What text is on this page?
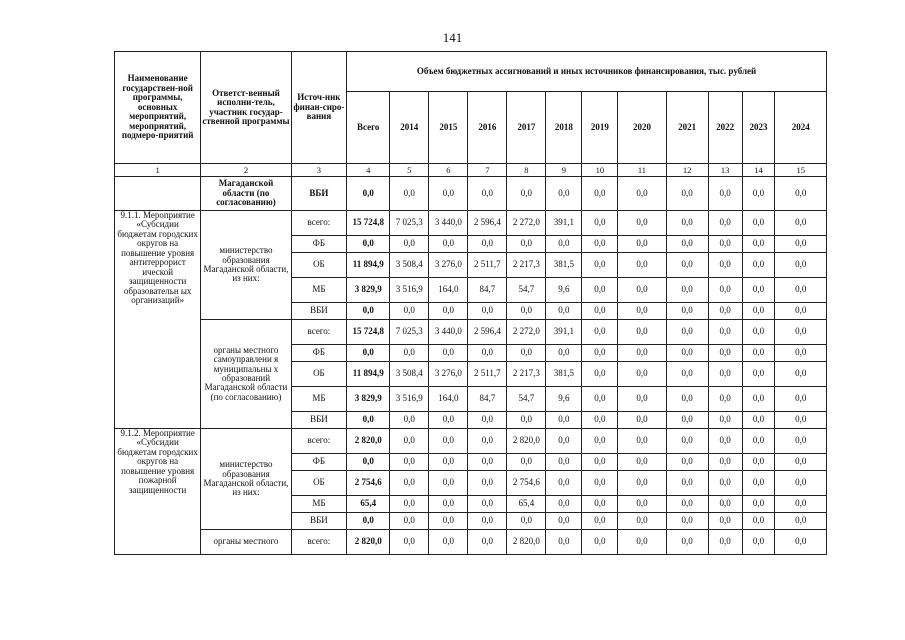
141
Наименование государствен-ной программы, основных мероприятий, мероприятий, подмеро-приятий	Ответст-венный исполни-тель, участник государ-ственной программы	Источ-ник финан-сиро-вания	Объем бюджетных ассигнований и иных источников финансирования, тыс. рублей											
			Всего	2014	2015	2016	2017	2018	2019	2020	2021	2022	2023	2024
1	2	3	4	5	6	7	8	9	10	11	12	13	14	15
	Магаданской области (по согласованию)	ВБИ	0,0	0,0	0,0	0,0	0,0	0,0	0,0	0,0	0,0	0,0	0,0	0,0
9.1.1. Мероприятие «Субсидии бюджетам городских округов на повышение уровня антитеррорист ической защищенности образовательн ых организаций»	министерство образования Магаданской области, из них:	всего:	15 724,8	7 025,3	3 440,0	2 596,4	2 272,0	391,1	0,0	0,0	0,0	0,0	0,0	0,0
		ФБ	0,0	0,0	0,0	0,0	0,0	0,0	0,0	0,0	0,0	0,0	0,0	0,0
		ОБ	11 894,9	3 508,4	3 276,0	2 511,7	2 217,3	381,5	0,0	0,0	0,0	0,0	0,0	0,0
		МБ	3 829,9	3 516,9	164,0	84,7	54,7	9,6	0,0	0,0	0,0	0,0	0,0	0,0
		ВБИ	0,0	0,0	0,0	0,0	0,0	0,0	0,0	0,0	0,0	0,0	0,0	0,0
	органы местного самоуправлени я муниципальны х образований Магаданской области (по согласованию)	всего:	15 724,8	7 025,3	3 440,0	2 596,4	2 272,0	391,1	0,0	0,0	0,0	0,0	0,0	0,0
		ФБ	0,0	0,0	0,0	0,0	0,0	0,0	0,0	0,0	0,0	0,0	0,0	0,0
		ОБ	11 894,9	3 508,4	3 276,0	2 511,7	2 217,3	381,5	0,0	0,0	0,0	0,0	0,0	0,0
		МБ	3 829,9	3 516,9	164,0	84,7	54,7	9,6	0,0	0,0	0,0	0,0	0,0	0,0
		ВБИ	0,0	0,0	0,0	0,0	0,0	0,0	0,0	0,0	0,0	0,0	0,0	0,0
9.1.2. Мероприятие «Субсидии бюджетам городских округов на повышение уровня пожарной защищенности	министерство образования Магаданской области, из них:	всего:	2 820,0	0,0	0,0	0,0	2 820,0	0,0	0,0	0,0	0,0	0,0	0,0	0,0
		ФБ	0,0	0,0	0,0	0,0	0,0	0,0	0,0	0,0	0,0	0,0	0,0	0,0
		ОБ	2 754,6	0,0	0,0	0,0	2 754,6	0,0	0,0	0,0	0,0	0,0	0,0	0,0
		МБ	65,4	0,0	0,0	0,0	65,4	0,0	0,0	0,0	0,0	0,0	0,0	0,0
		ВБИ	0,0	0,0	0,0	0,0	0,0	0,0	0,0	0,0	0,0	0,0	0,0	0,0
	органы местного	всего:	2 820,0	0,0	0,0	0,0	2 820,0	0,0	0,0	0,0	0,0	0,0	0,0	0,0
